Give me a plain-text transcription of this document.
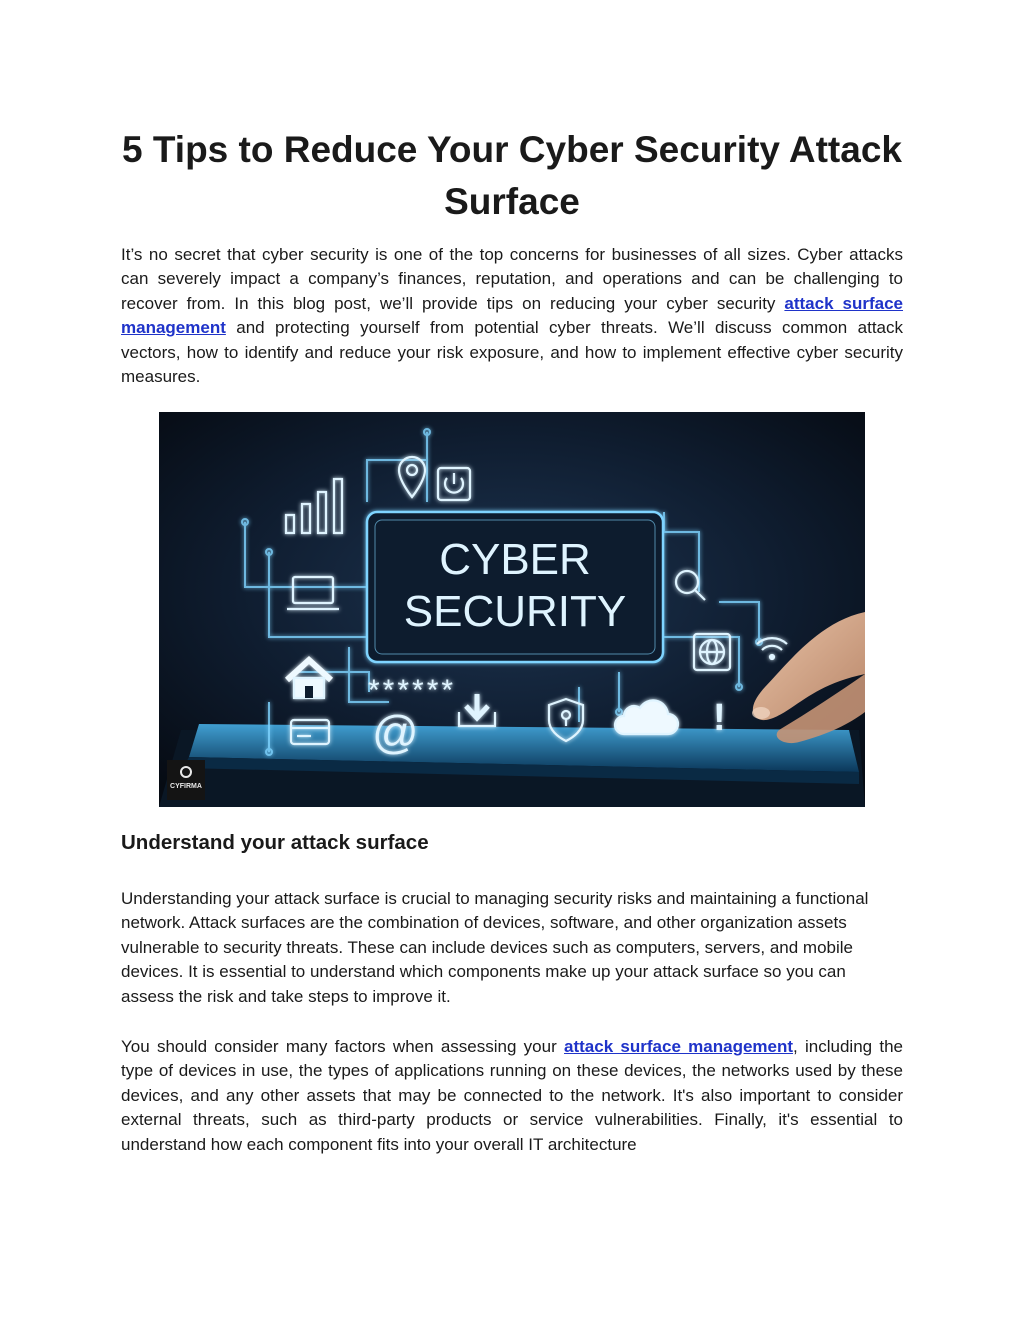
5 Tips to Reduce Your Cyber Security Attack Surface

It’s no secret that cyber security is one of the top concerns for businesses of all sizes. Cyber attacks can severely impact a company’s finances, reputation, and operations and can be challenging to recover from. In this blog post, we’ll provide tips on reducing your cyber security attack surface management and protecting yourself from potential cyber threats. We’ll discuss common attack vectors, how to identify and reduce your risk exposure, and how to implement effective cyber security measures.

CYBER
SECURITY
******
@	!
CYFIRMA
Understand your attack surface

Understanding your attack surface is crucial to managing security risks and maintaining a functional network. Attack surfaces are the combination of devices, software, and other organization assets vulnerable to security threats. These can include devices such as computers, servers, and mobile devices. It is essential to understand which components make up your attack surface so you can assess the risk and take steps to improve it.

You should consider many factors when assessing your attack surface management, including the type of devices in use, the types of applications running on these devices, the networks used by these devices, and any other assets that may be connected to the network. It's also important to consider external threats, such as third-party products or service vulnerabilities. Finally, it's essential to understand how each component fits into your overall IT architecture
